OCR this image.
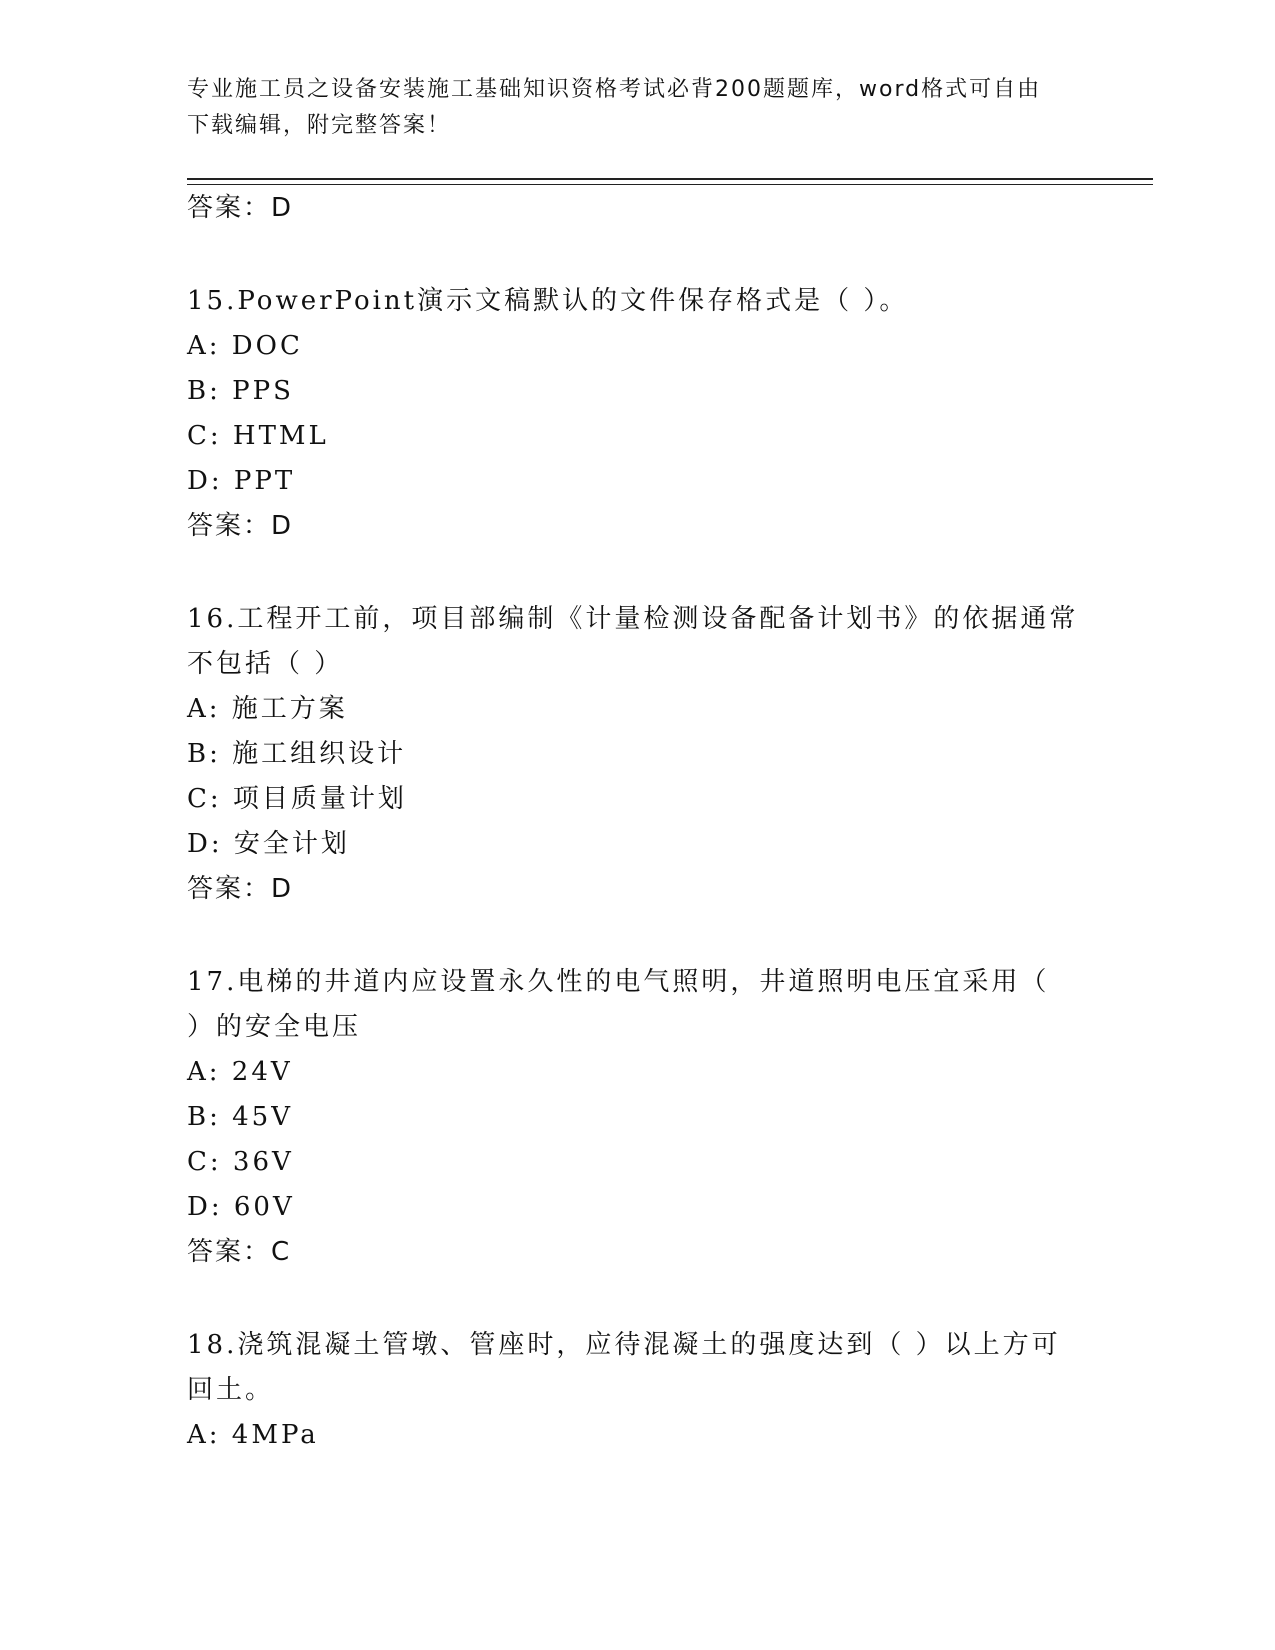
专业施工员之设备安装施工基础知识资格考试必背200题题库，word格式可自由
下载编辑，附完整答案！
答案：D
15.PowerPoint演示文稿默认的文件保存格式是（ ）。
A: DOC
B: PPS
C: HTML
D: PPT
答案：D
16.工程开工前，项目部编制《计量检测设备配备计划书》的依据通常
不包括（ ）
A: 施工方案
B: 施工组织设计
C: 项目质量计划
D: 安全计划
答案：D
17.电梯的井道内应设置永久性的电气照明，井道照明电压宜采用（
）的安全电压
A: 24V
B: 45V
C: 36V
D: 60V
答案：C
18.浇筑混凝土管墩、管座时，应待混凝土的强度达到（ ）以上方可
回土。
A: 4MPa
